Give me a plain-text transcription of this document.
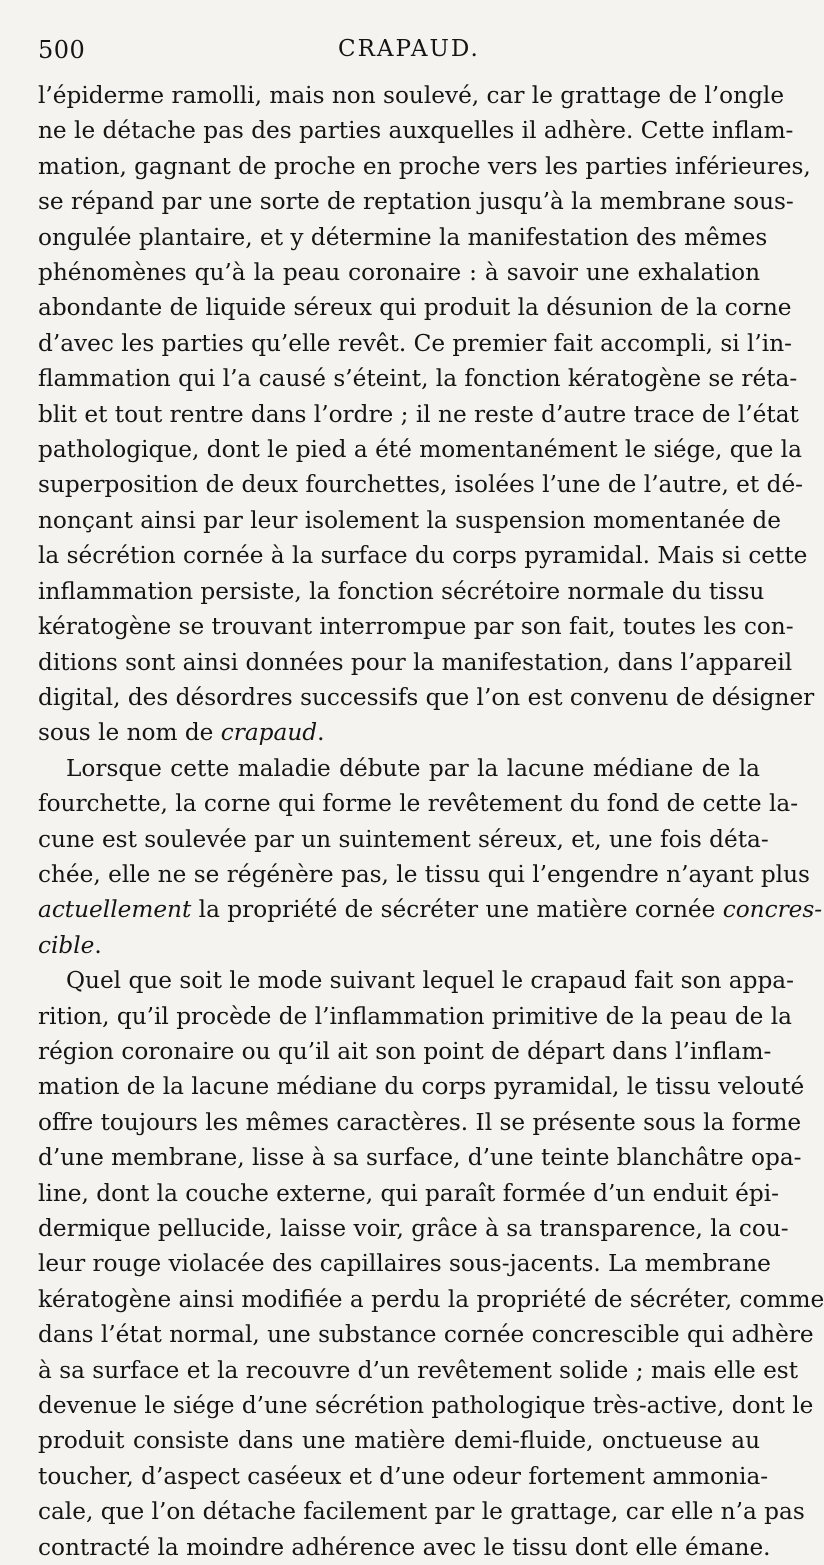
500	CRAPAUD.

l’épiderme ramolli, mais non soulevé, car le grattage de l’ongle
ne le détache pas des parties auxquelles il adhère. Cette inflam-
mation, gagnant de proche en proche vers les parties inférieures,
se répand par une sorte de reptation jusqu’à la membrane sous-
ongulée plantaire, et y détermine la manifestation des mêmes
phénomènes qu’à la peau coronaire : à savoir une exhalation
abondante de liquide séreux qui produit la désunion de la corne
d’avec les parties qu’elle revêt. Ce premier fait accompli, si l’in-
flammation qui l’a causé s’éteint, la fonction kératogène se réta-
blit et tout rentre dans l’ordre ; il ne reste d’autre trace de l’état
pathologique, dont le pied a été momentanément le siége, que la
superposition de deux fourchettes, isolées l’une de l’autre, et dé-
nonçant ainsi par leur isolement la suspension momentanée de
la sécrétion cornée à la surface du corps pyramidal. Mais si cette
inflammation persiste, la fonction sécrétoire normale du tissu
kératogène se trouvant interrompue par son fait, toutes les con-
ditions sont ainsi données pour la manifestation, dans l’appareil
digital, des désordres successifs que l’on est convenu de désigner
sous le nom de crapaud.

Lorsque cette maladie débute par la lacune médiane de la
fourchette, la corne qui forme le revêtement du fond de cette la-
cune est soulevée par un suintement séreux, et, une fois déta-
chée, elle ne se régénère pas, le tissu qui l’engendre n’ayant plus
actuellement la propriété de sécréter une matière cornée concres-
cible.

Quel que soit le mode suivant lequel le crapaud fait son appa-
rition, qu’il procède de l’inflammation primitive de la peau de la
région coronaire ou qu’il ait son point de départ dans l’inflam-
mation de la lacune médiane du corps pyramidal, le tissu velouté
offre toujours les mêmes caractères. Il se présente sous la forme
d’une membrane, lisse à sa surface, d’une teinte blanchâtre opa-
line, dont la couche externe, qui paraît formée d’un enduit épi-
dermique pellucide, laisse voir, grâce à sa transparence, la cou-
leur rouge violacée des capillaires sous-jacents. La membrane
kératogène ainsi modifiée a perdu la propriété de sécréter, comme
dans l’état normal, une substance cornée concrescible qui adhère
à sa surface et la recouvre d’un revêtement solide ; mais elle est
devenue le siége d’une sécrétion pathologique très-active, dont le
produit consiste dans une matière demi-fluide, onctueuse au
toucher, d’aspect caséeux et d’une odeur fortement ammonia-
cale, que l’on détache facilement par le grattage, car elle n’a pas
contracté la moindre adhérence avec le tissu dont elle émane.
